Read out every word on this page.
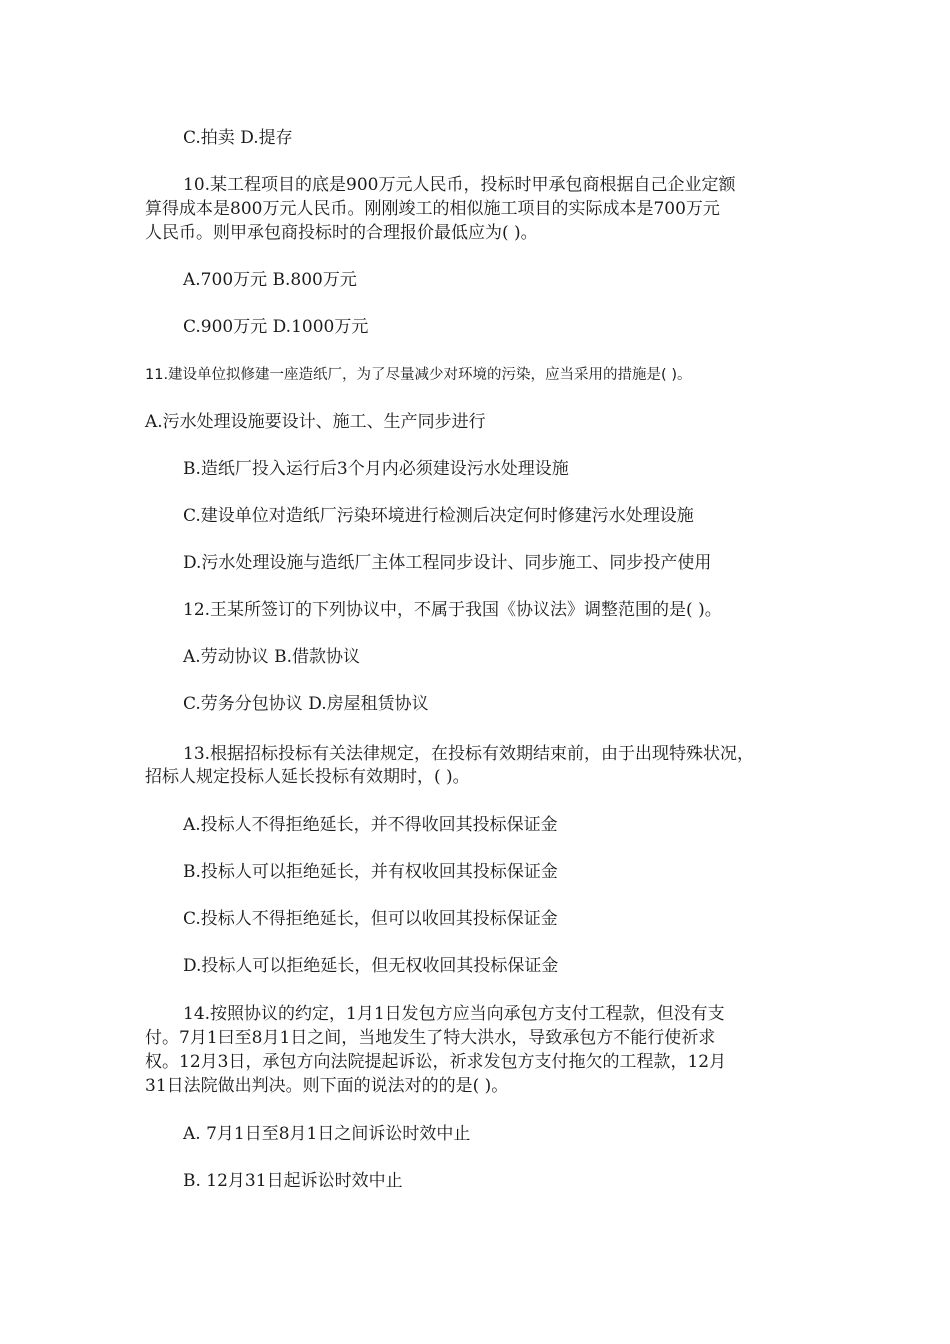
C.拍卖 D.提存

10.某工程项目的底是900万元人民币，投标时甲承包商根据自己企业定额

算得成本是800万元人民币。刚刚竣工的相似施工项目的实际成本是700万元

人民币。则甲承包商投标时的合理报价最低应为( )。

A.700万元 B.800万元

C.900万元 D.1000万元

11.建设单位拟修建一座造纸厂，为了尽量减少对环境的污染，应当采用的措施是( )。

A.污水处理设施要设计、施工、生产同步进行

B.造纸厂投入运行后3个月内必须建设污水处理设施

C.建设单位对造纸厂污染环境进行检测后决定何时修建污水处理设施

D.污水处理设施与造纸厂主体工程同步设计、同步施工、同步投产使用

12.王某所签订的下列协议中，不属于我国《协议法》调整范围的是( )。

A.劳动协议 B.借款协议

C.劳务分包协议 D.房屋租赁协议

13.根据招标投标有关法律规定，在投标有效期结束前，由于出现特殊状况，

招标人规定投标人延长投标有效期时，( )。

A.投标人不得拒绝延长，并不得收回其投标保证金

B.投标人可以拒绝延长，并有权收回其投标保证金

C.投标人不得拒绝延长，但可以收回其投标保证金

D.投标人可以拒绝延长，但无权收回其投标保证金

14.按照协议的约定，1月1日发包方应当向承包方支付工程款，但没有支

付。7月1曰至8月1日之间，当地发生了特大洪水，导致承包方不能行使祈求

权。12月3日，承包方向法院提起诉讼，祈求发包方支付拖欠的工程款，12月

31日法院做出判决。则下面的说法对的的是( )。

A. 7月1日至8月1日之间诉讼时效中止

B. 12月31日起诉讼时效中止
